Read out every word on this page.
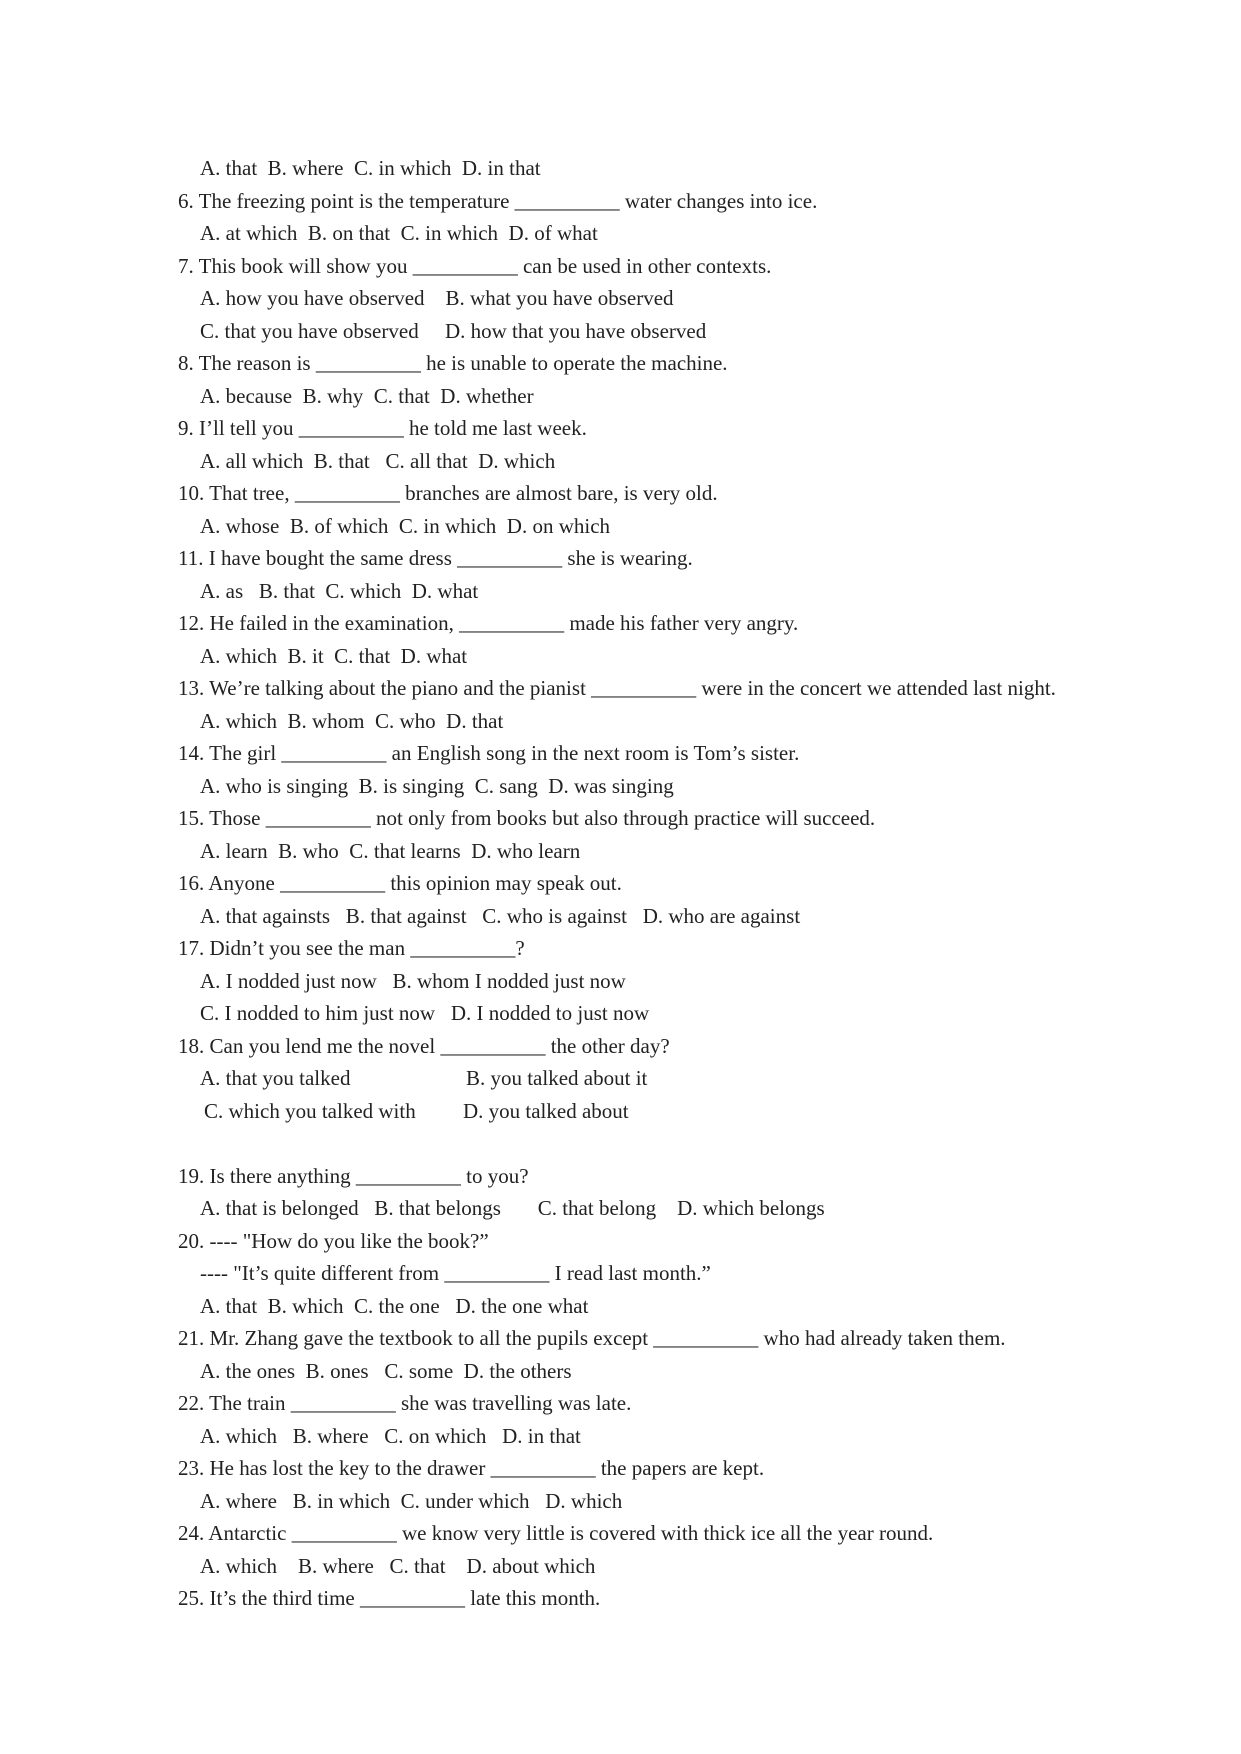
A. that  B. where  C. in which  D. in that
6. The freezing point is the temperature __________ water changes into ice.
A. at which  B. on that  C. in which  D. of what
7. This book will show you __________ can be used in other contexts.
A. how you have observed    B. what you have observed
C. that you have observed     D. how that you have observed
8. The reason is __________ he is unable to operate the machine.
A. because  B. why  C. that  D. whether
9. I’ll tell you __________ he told me last week.
A. all which  B. that   C. all that  D. which
10. That tree, __________ branches are almost bare, is very old.
A. whose  B. of which  C. in which  D. on which
11. I have bought the same dress __________ she is wearing.
A. as   B. that  C. which  D. what
12. He failed in the examination, __________ made his father very angry.
A. which  B. it  C. that  D. what
13. We’re talking about the piano and the pianist __________ were in the concert we attended last night.
A. which  B. whom  C. who  D. that
14. The girl __________ an English song in the next room is Tom’s sister.
A. who is singing  B. is singing  C. sang  D. was singing
15. Those __________ not only from books but also through practice will succeed.
A. learn  B. who  C. that learns  D. who learn
16. Anyone __________ this opinion may speak out.
A. that againsts   B. that against   C. who is against   D. who are against
17. Didn’t you see the man __________?
A. I nodded just now   B. whom I nodded just now
C. I nodded to him just now   D. I nodded to just now
18. Can you lend me the novel __________ the other day?
A. that you talked                      B. you talked about it
C. which you talked with         D. you talked about
19. Is there anything __________ to you?
A. that is belonged   B. that belongs       C. that belong    D. which belongs
20. ---- "How do you like the book?”
---- "It’s quite different from __________ I read last month.”
A. that  B. which  C. the one   D. the one what
21. Mr. Zhang gave the textbook to all the pupils except __________ who had already taken them.
A. the ones  B. ones   C. some  D. the others
22. The train __________ she was travelling was late.
A. which   B. where   C. on which   D. in that
23. He has lost the key to the drawer __________ the papers are kept.
A. where   B. in which  C. under which   D. which
24. Antarctic __________ we know very little is covered with thick ice all the year round.
A. which    B. where   C. that    D. about which
25. It’s the third time __________ late this month.
